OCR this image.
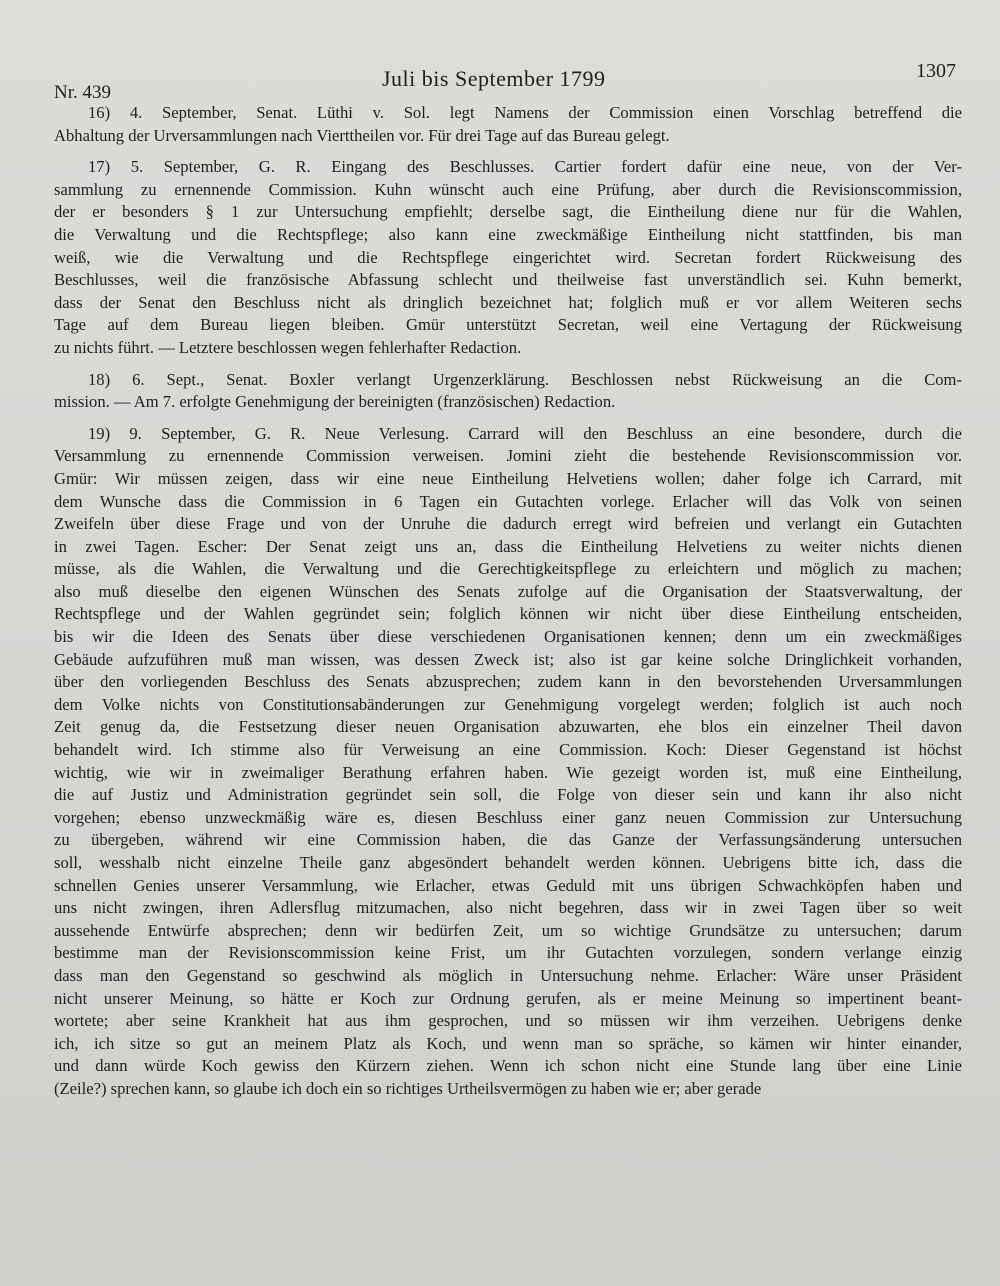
Nr. 439
Juli bis September 1799	1307

16) 4. September, Senat. Lüthi v. Sol. legt Namens der Commission einen Vorschlag betreffend die
Abhaltung der Urversammlungen nach Vierttheilen vor. Für drei Tage auf das Bureau gelegt.

17) 5. September, G. R. Eingang des Beschlusses. Cartier fordert dafür eine neue, von der Ver-
sammlung zu ernennende Commission. Kuhn wünscht auch eine Prüfung, aber durch die Revisionscommission,
der er besonders § 1 zur Untersuchung empfiehlt; derselbe sagt, die Eintheilung diene nur für die Wahlen,
die Verwaltung und die Rechtspflege; also kann eine zweckmäßige Eintheilung nicht stattfinden, bis man
weiß, wie die Verwaltung und die Rechtspflege eingerichtet wird. Secretan fordert Rückweisung des
Beschlusses, weil die französische Abfassung schlecht und theilweise fast unverständlich sei. Kuhn bemerkt,
dass der Senat den Beschluss nicht als dringlich bezeichnet hat; folglich muß er vor allem Weiteren sechs
Tage auf dem Bureau liegen bleiben. Gmür unterstützt Secretan, weil eine Vertagung der Rückweisung
zu nichts führt. — Letztere beschlossen wegen fehlerhafter Redaction.

18) 6. Sept., Senat. Boxler verlangt Urgenzerklärung. Beschlossen nebst Rückweisung an die Com-
mission. — Am 7. erfolgte Genehmigung der bereinigten (französischen) Redaction.

19) 9. September, G. R. Neue Verlesung. Carrard will den Beschluss an eine besondere, durch die
Versammlung zu ernennende Commission verweisen. Jomini zieht die bestehende Revisionscommission vor.
Gmür: Wir müssen zeigen, dass wir eine neue Eintheilung Helvetiens wollen; daher folge ich Carrard, mit
dem Wunsche dass die Commission in 6 Tagen ein Gutachten vorlege. Erlacher will das Volk von seinen
Zweifeln über diese Frage und von der Unruhe die dadurch erregt wird befreien und verlangt ein Gutachten
in zwei Tagen. Escher: Der Senat zeigt uns an, dass die Eintheilung Helvetiens zu weiter nichts dienen
müsse, als die Wahlen, die Verwaltung und die Gerechtigkeitspflege zu erleichtern und möglich zu machen;
also muß dieselbe den eigenen Wünschen des Senats zufolge auf die Organisation der Staatsverwaltung, der
Rechtspflege und der Wahlen gegründet sein; folglich können wir nicht über diese Eintheilung entscheiden,
bis wir die Ideen des Senats über diese verschiedenen Organisationen kennen; denn um ein zweckmäßiges
Gebäude aufzuführen muß man wissen, was dessen Zweck ist; also ist gar keine solche Dringlichkeit vorhanden,
über den vorliegenden Beschluss des Senats abzusprechen; zudem kann in den bevorstehenden Urversammlungen
dem Volke nichts von Constitutionsabänderungen zur Genehmigung vorgelegt werden; folglich ist auch noch
Zeit genug da, die Festsetzung dieser neuen Organisation abzuwarten, ehe blos ein einzelner Theil davon
behandelt wird. Ich stimme also für Verweisung an eine Commission. Koch: Dieser Gegenstand ist höchst
wichtig, wie wir in zweimaliger Berathung erfahren haben. Wie gezeigt worden ist, muß eine Eintheilung,
die auf Justiz und Administration gegründet sein soll, die Folge von dieser sein und kann ihr also nicht
vorgehen; ebenso unzweckmäßig wäre es, diesen Beschluss einer ganz neuen Commission zur Untersuchung
zu übergeben, während wir eine Commission haben, die das Ganze der Verfassungsänderung untersuchen
soll, wesshalb nicht einzelne Theile ganz abgesöndert behandelt werden können. Uebrigens bitte ich, dass die
schnellen Genies unserer Versammlung, wie Erlacher, etwas Geduld mit uns übrigen Schwachköpfen haben und
uns nicht zwingen, ihren Adlersflug mitzumachen, also nicht begehren, dass wir in zwei Tagen über so weit
aussehende Entwürfe absprechen; denn wir bedürfen Zeit, um so wichtige Grundsätze zu untersuchen; darum
bestimme man der Revisionscommission keine Frist, um ihr Gutachten vorzulegen, sondern verlange einzig
dass man den Gegenstand so geschwind als möglich in Untersuchung nehme. Erlacher: Wäre unser Präsident
nicht unserer Meinung, so hätte er Koch zur Ordnung gerufen, als er meine Meinung so impertinent beant-
wortete; aber seine Krankheit hat aus ihm gesprochen, und so müssen wir ihm verzeihen. Uebrigens denke
ich, ich sitze so gut an meinem Platz als Koch, und wenn man so spräche, so kämen wir hinter einander,
und dann würde Koch gewiss den Kürzern ziehen. Wenn ich schon nicht eine Stunde lang über eine Linie
(Zeile?) sprechen kann, so glaube ich doch ein so richtiges Urtheilsvermögen zu haben wie er; aber gerade
